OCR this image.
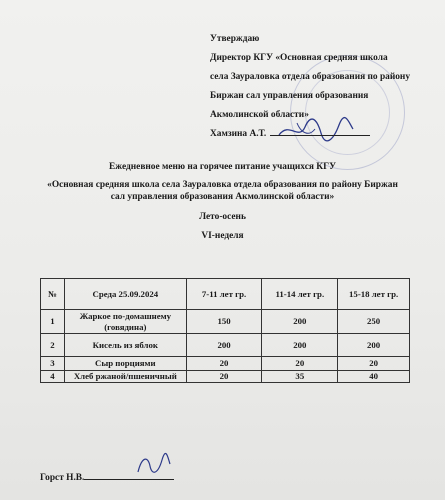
Утверждаю
Директор КГУ «Основная средняя школа
села Зауралoвка отдела образования по району
Биржан сал управления образования
Акмолинской области»
Хамзина А.Т.
Ежедневное меню на горячее питание учащихся КГУ
«Основная средняя школа села Зауралoвка отдела образования по району Биржан
сал управления образования Акмолинской области»
Лето-осень
VI-неделя
№	Среда 25.09.2024	7-11 лет гр.	11-14 лет гр.	15-18 лет гр.
1	Жаркое по-домашнему (говядина)	150	200	250
2	Кисель из яблок	200	200	200
3	Сыр порциями	20	20	20
4	Хлеб ржаной/пшеничный	20	35	40
Горст Н.В.
